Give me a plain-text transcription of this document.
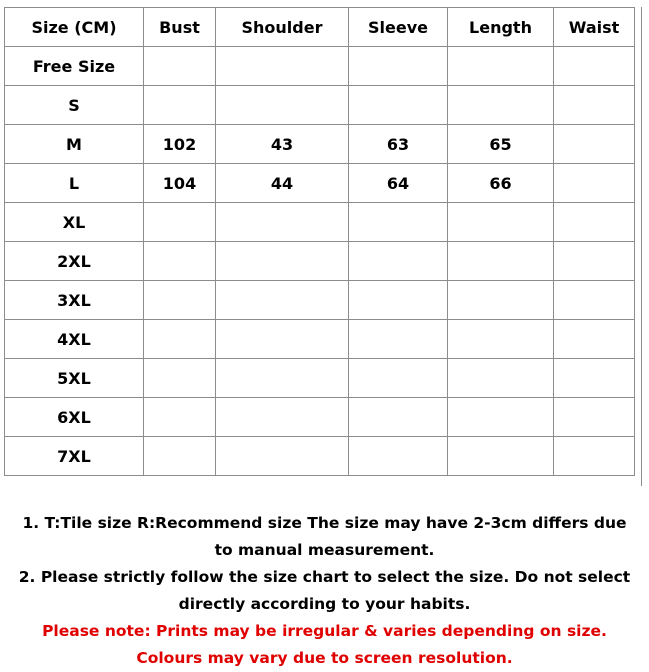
Size (CM)	Bust	Shoulder	Sleeve	Length	Waist
Free Size					
S					
M	102	43	63	65	
L	104	44	64	66	
XL					
2XL					
3XL					
4XL					
5XL					
6XL					
7XL					
1. T:Tile size R:Recommend size The size may have 2-3cm differs due
to manual measurement.
2. Please strictly follow the size chart to select the size. Do not select
directly according to your habits.
Please note: Prints may be irregular & varies depending on size.
Colours may vary due to screen resolution.
